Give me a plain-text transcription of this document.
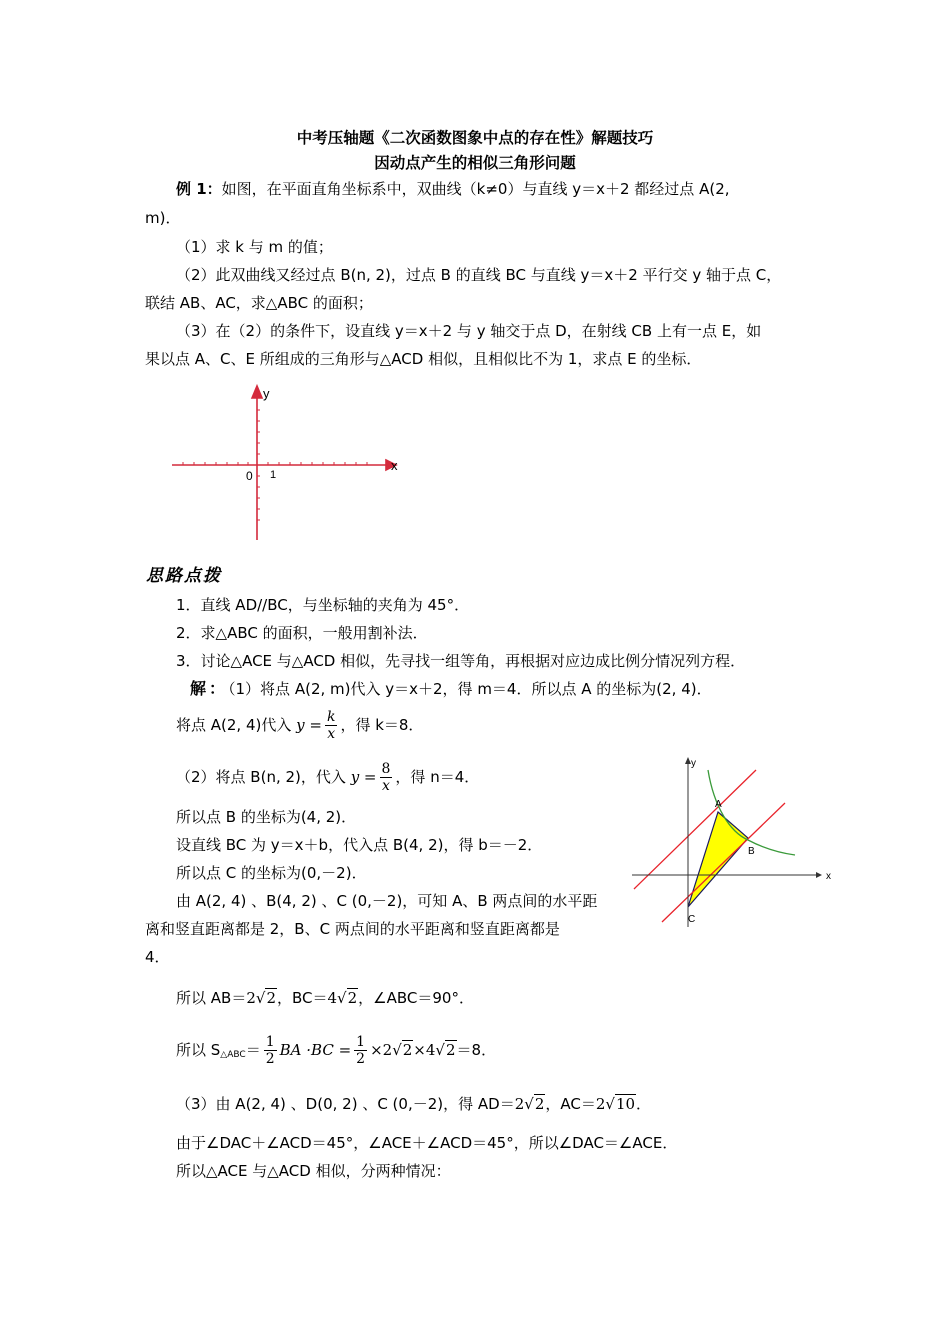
中考压轴题《二次函数图象中点的存在性》解题技巧
因动点产生的相似三角形问题
例 1：如图，在平面直角坐标系中，双曲线（k≠0）与直线 y＝x＋2 都经过点 A(2,
m)．
（1）求 k 与 m 的值；
（2）此双曲线又经过点 B(n, 2)，过点 B 的直线 BC 与直线 y＝x＋2 平行交 y 轴于点 C，
联结 AB、AC，求△ABC 的面积；
（3）在（2）的条件下，设直线 y＝x＋2 与 y 轴交于点 D，在射线 CB 上有一点 E，如
果以点 A、C、E 所组成的三角形与△ACD 相似，且相似比不为 1，求点 E 的坐标．
x
y
0 1
思路点拨
1．直线 AD//BC，与坐标轴的夹角为 45°．
2．求△ABC 的面积，一般用割补法．
3．讨论△ACE 与△ACD 相似，先寻找一组等角，再根据对应边成比例分情况列方程．
解：（1）将点 A(2, m)代入 y＝x＋2，得 m＝4．所以点 A 的坐标为(2, 4)．
将点 A(2, 4)代入 $y = \frac{k}{x}$ ，得 k＝8．
（2）将点 B(n, 2)，代入 $y = \frac{8}{x}$ ，得 n＝4．
所以点 B 的坐标为(4, 2)．
设直线 BC 为 y＝x＋b，代入点 B(4, 2)，得 b＝－2．
所以点 C 的坐标为(0,－2)．
由 A(2, 4) 、B(4, 2) 、C (0,－2)，可知 A、B 两点间的水平距
离和竖直距离都是 2，B、C 两点间的水平距离和竖直距离都是
4．
所以 AB＝2√2，BC＝4√2，∠ABC＝90°．
所以 $S_{\triangle ABC}= \frac{1}{2}$ BA $\cdot BC = \frac{1}{2} \times 2√2\times 4√2=8$．
（3）由 A(2, 4) 、D(0, 2) 、C (0,－2)，得 AD＝2√2，AC＝2√10．
由于∠DAC＋∠ACD＝45°，∠ACE＋∠ACD＝45°，所以∠DAC＝∠ACE．
所以△ACE 与△ACD 相似，分两种情况：
x
y
A
B
C
